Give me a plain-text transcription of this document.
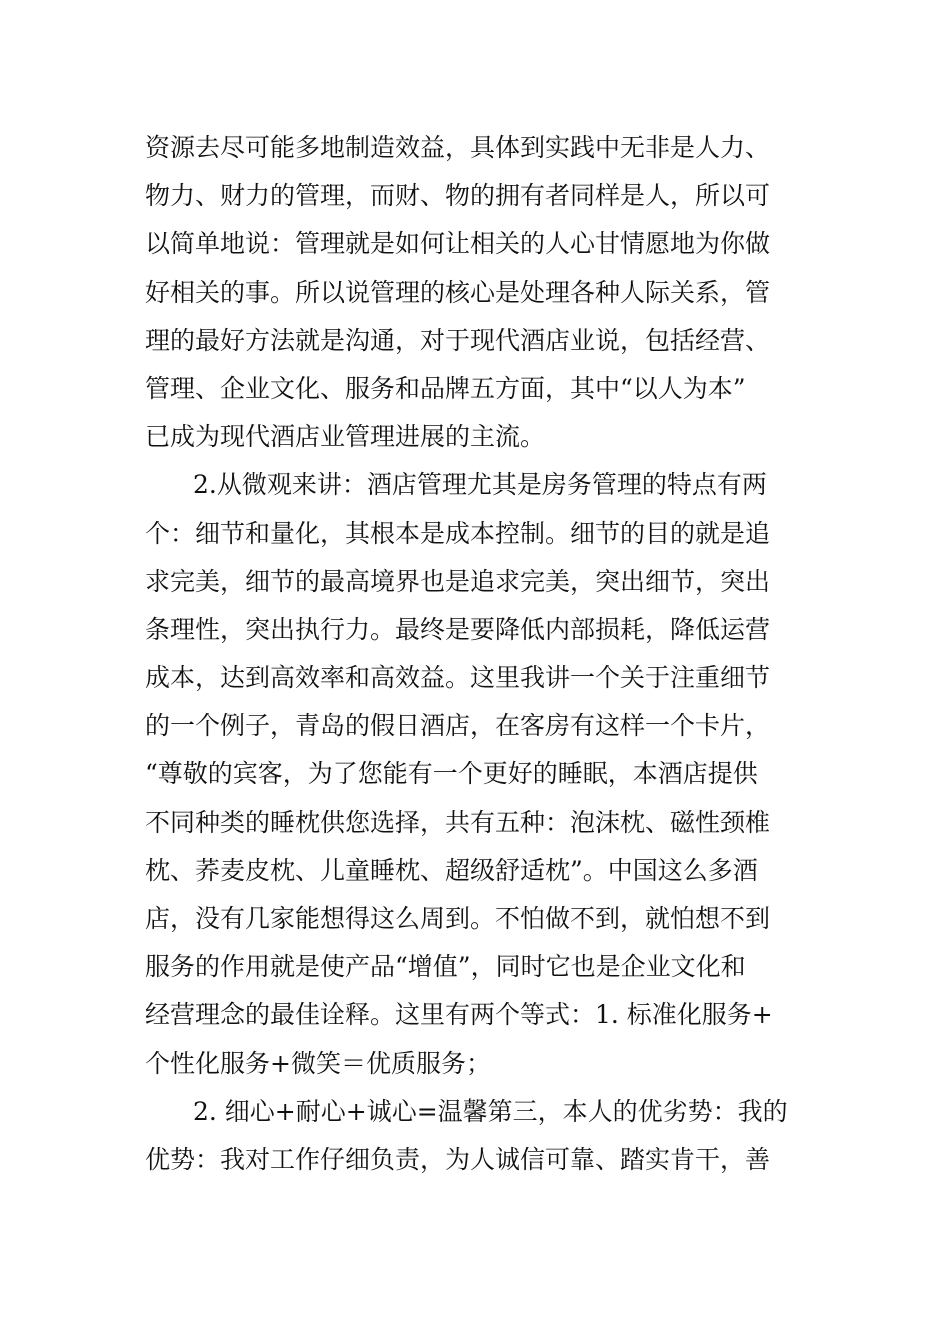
资源去尽可能多地制造效益，具体到实践中无非是人力、
物力、财力的管理，而财、物的拥有者同样是人，所以可
以简单地说：管理就是如何让相关的人心甘情愿地为你做
好相关的事。所以说管理的核心是处理各种人际关系，管
理的最好方法就是沟通，对于现代酒店业说，包括经营、
管理、企业文化、服务和品牌五方面，其中“以人为本”
已成为现代酒店业管理进展的主流。
2.从微观来讲：酒店管理尤其是房务管理的特点有两
个：细节和量化，其根本是成本控制。细节的目的就是追
求完美，细节的最高境界也是追求完美，突出细节，突出
条理性，突出执行力。最终是要降低内部损耗，降低运营
成本，达到高效率和高效益。这里我讲一个关于注重细节
的一个例子，青岛的假日酒店，在客房有这样一个卡片，
“尊敬的宾客，为了您能有一个更好的睡眠，本酒店提供
不同种类的睡枕供您选择，共有五种：泡沫枕、磁性颈椎
枕、荞麦皮枕、儿童睡枕、超级舒适枕”。中国这么多酒
店，没有几家能想得这么周到。不怕做不到，就怕想不到
服务的作用就是使产品“增值”，同时它也是企业文化和
经营理念的最佳诠释。这里有两个等式：1. 标准化服务+
个性化服务+微笑＝优质服务；
2. 细心+耐心+诚心=温馨第三，本人的优劣势：我的
优势：我对工作仔细负责，为人诚信可靠、踏实肯干，善
